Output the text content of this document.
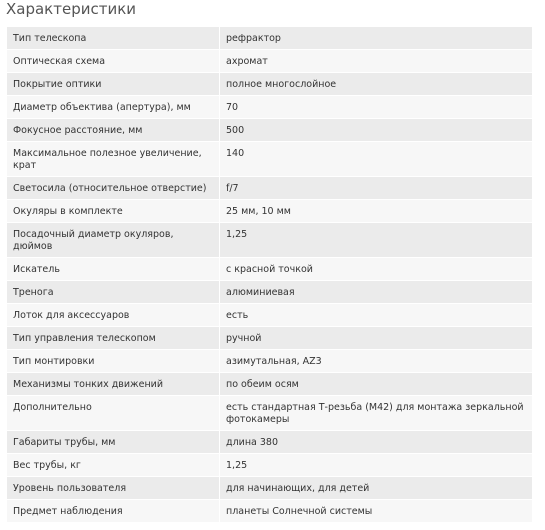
Характеристики
Тип телескопа	рефрактор
Оптическая схема	ахромат
Покрытие оптики	полное многослойное
Диаметр объектива (апертура), мм	70
Фокусное расстояние, мм	500
Максимальное полезное увеличение, крат	140
Светосила (относительное отверстие)	f/7
Окуляры в комплекте	25 мм, 10 мм
Посадочный диаметр окуляров, дюймов	1,25
Искатель	с красной точкой
Тренога	алюминиевая
Лоток для аксессуаров	есть
Тип управления телескопом	ручной
Тип монтировки	азимутальная, AZ3
Механизмы тонких движений	по обеим осям
Дополнительно	есть стандартная Т-резьба (M42) для монтажа зеркальной фотокамеры
Габариты трубы, мм	длина 380
Вес трубы, кг	1,25
Уровень пользователя	для начинающих, для детей
Предмет наблюдения	планеты Солнечной системы
